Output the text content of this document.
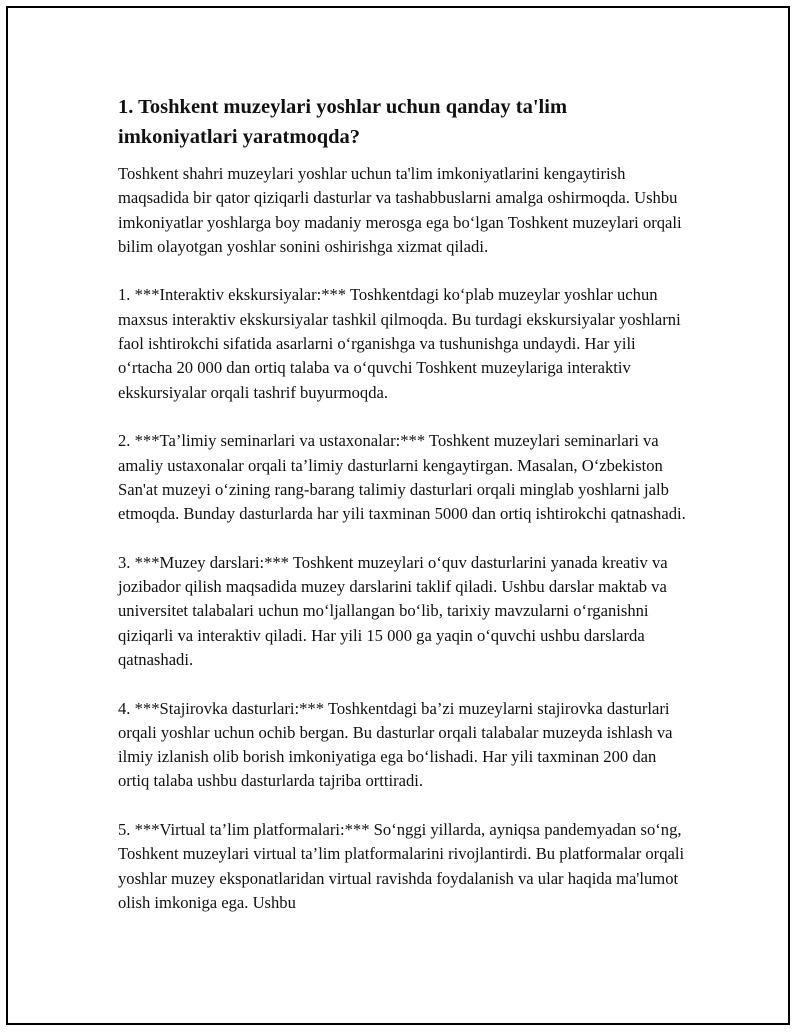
1. Toshkent muzeylari yoshlar uchun qanday ta'lim imkoniyatlari yaratmoqda?

Toshkent shahri muzeylari yoshlar uchun ta'lim imkoniyatlarini kengaytirish maqsadida bir qator qiziqarli dasturlar va tashabbuslarni amalga oshirmoqda. Ushbu imkoniyatlar yoshlarga boy madaniy merosga ega bo‘lgan Toshkent muzeylari orqali bilim olayotgan yoshlar sonini oshirishga xizmat qiladi.

1. ***Interaktiv ekskursiyalar:*** Toshkentdagi ko‘plab muzeylar yoshlar uchun maxsus interaktiv ekskursiyalar tashkil qilmoqda. Bu turdagi ekskursiyalar yoshlarni faol ishtirokchi sifatida asarlarni o‘rganishga va tushunishga undaydi. Har yili o‘rtacha 20 000 dan ortiq talaba va o‘quvchi Toshkent muzeylariga interaktiv ekskursiyalar orqali tashrif buyurmoqda.

2. ***Ta’limiy seminarlari va ustaxonalar:*** Toshkent muzeylari seminarlari va amaliy ustaxonalar orqali ta’limiy dasturlarni kengaytirgan. Masalan, O‘zbekiston San'at muzeyi o‘zining rang-barang talimiy dasturlari orqali minglab yoshlarni jalb etmoqda. Bunday dasturlarda har yili taxminan 5000 dan ortiq ishtirokchi qatnashadi.

3. ***Muzey darslari:*** Toshkent muzeylari o‘quv dasturlarini yanada kreativ va jozibador qilish maqsadida muzey darslarini taklif qiladi. Ushbu darslar maktab va universitet talabalari uchun mo‘ljallangan bo‘lib, tarixiy mavzularni o‘rganishni qiziqarli va interaktiv qiladi. Har yili 15 000 ga yaqin o‘quvchi ushbu darslarda qatnashadi.

4. ***Stajirovka dasturlari:*** Toshkentdagi ba’zi muzeylarni stajirovka dasturlari orqali yoshlar uchun ochib bergan. Bu dasturlar orqali talabalar muzeyda ishlash va ilmiy izlanish olib borish imkoniyatiga ega bo‘lishadi. Har yili taxminan 200 dan ortiq talaba ushbu dasturlarda tajriba orttiradi.

5. ***Virtual ta’lim platformalari:*** So‘nggi yillarda, ayniqsa pandemyadan so‘ng, Toshkent muzeylari virtual ta’lim platformalarini rivojlantirdi. Bu platformalar orqali yoshlar muzey eksponatlaridan virtual ravishda foydalanish va ular haqida ma'lumot olish imkoniga ega. Ushbu
